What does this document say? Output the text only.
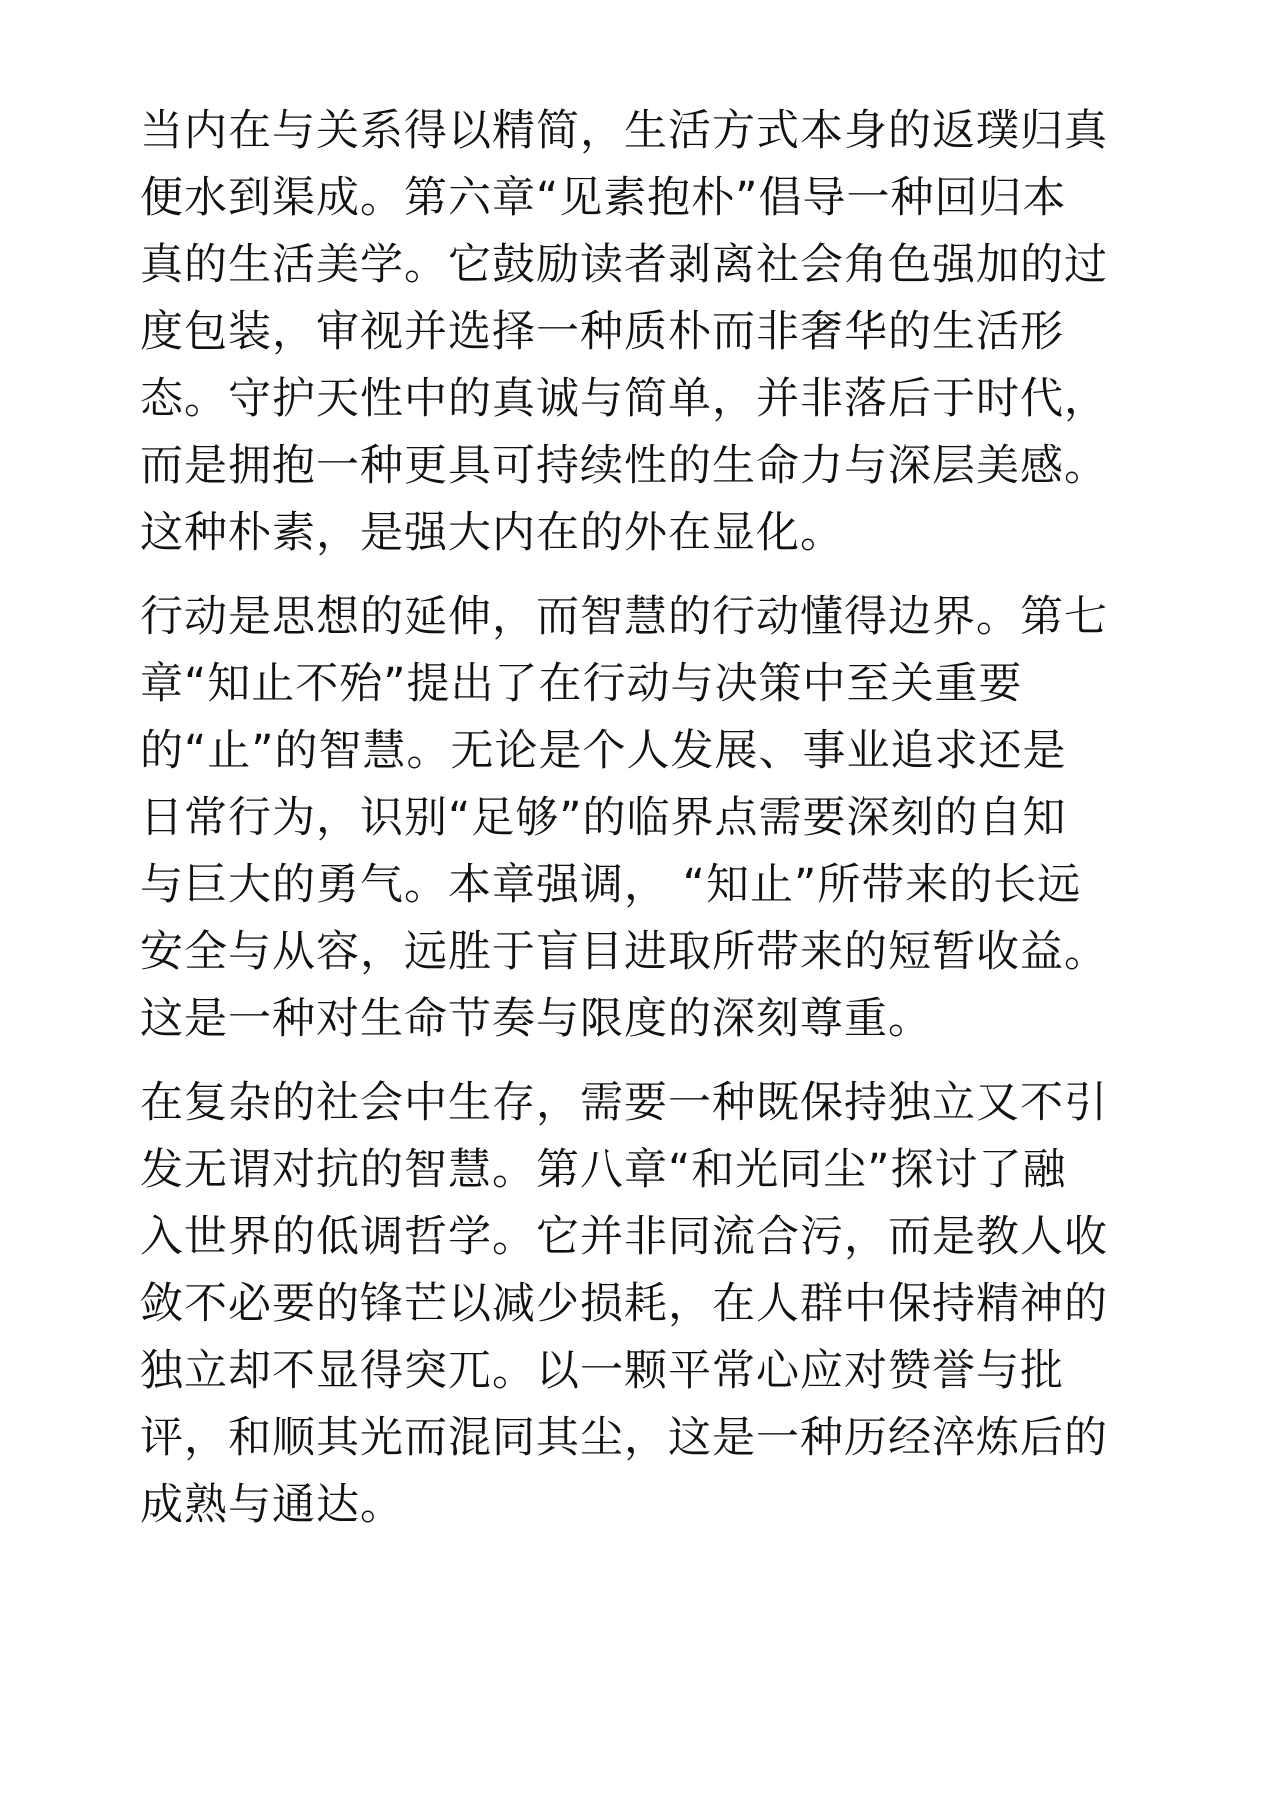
当内在与关系得以精简，生活方式本身的返璞归真
便水到渠成。第六章“见素抱朴”倡导一种回归本
真的生活美学。它鼓励读者剥离社会角色强加的过
度包装，审视并选择一种质朴而非奢华的生活形
态。守护天性中的真诚与简单，并非落后于时代，
而是拥抱一种更具可持续性的生命力与深层美感。
这种朴素，是强大内在的外在显化。

行动是思想的延伸，而智慧的行动懂得边界。第七
章“知止不殆”提出了在行动与决策中至关重要
的“止”的智慧。无论是个人发展、事业追求还是
日常行为，识别“足够”的临界点需要深刻的自知
与巨大的勇气。本章强调， “知止”所带来的长远
安全与从容，远胜于盲目进取所带来的短暂收益。
这是一种对生命节奏与限度的深刻尊重。

在复杂的社会中生存，需要一种既保持独立又不引
发无谓对抗的智慧。第八章“和光同尘”探讨了融
入世界的低调哲学。它并非同流合污，而是教人收
敛不必要的锋芒以减少损耗，在人群中保持精神的
独立却不显得突兀。以一颗平常心应对赞誉与批
评，和顺其光而混同其尘，这是一种历经淬炼后的
成熟与通达。
